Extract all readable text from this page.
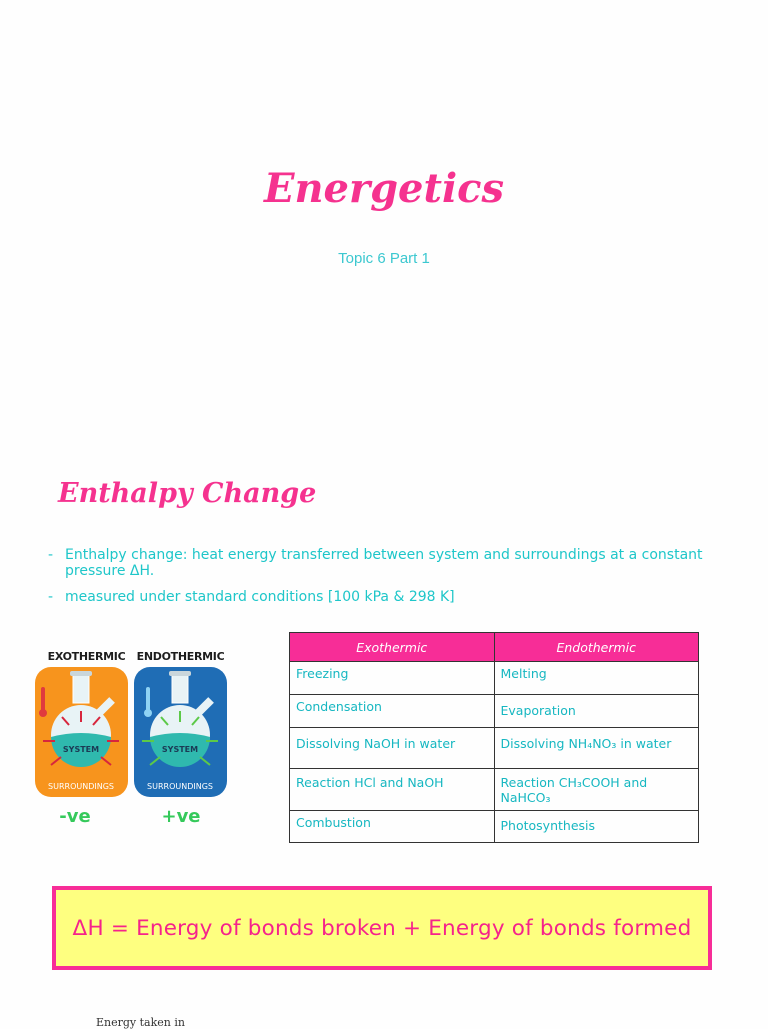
Energetics
Topic 6 Part 1
Enthalpy Change
- Enthalpy change: heat energy transferred between system and surroundings at a constant pressure ΔH.
- measured under standard conditions [100 kPa & 298 K]
EXOTHERMIC
SYSTEM
SURROUNDINGS
-ve
ENDOTHERMIC
SYSTEM
SURROUNDINGS
+ve
Exothermic	Endothermic
Freezing	Melting
Condensation	Evaporation
Dissolving NaOH in water	Dissolving NH₄NO₃ in water
Reaction HCl and NaOH	Reaction CH₃COOH and NaHCO₃
Combustion	Photosynthesis
ΔH = Energy of bonds broken + Energy of bonds formed
Energy taken in
